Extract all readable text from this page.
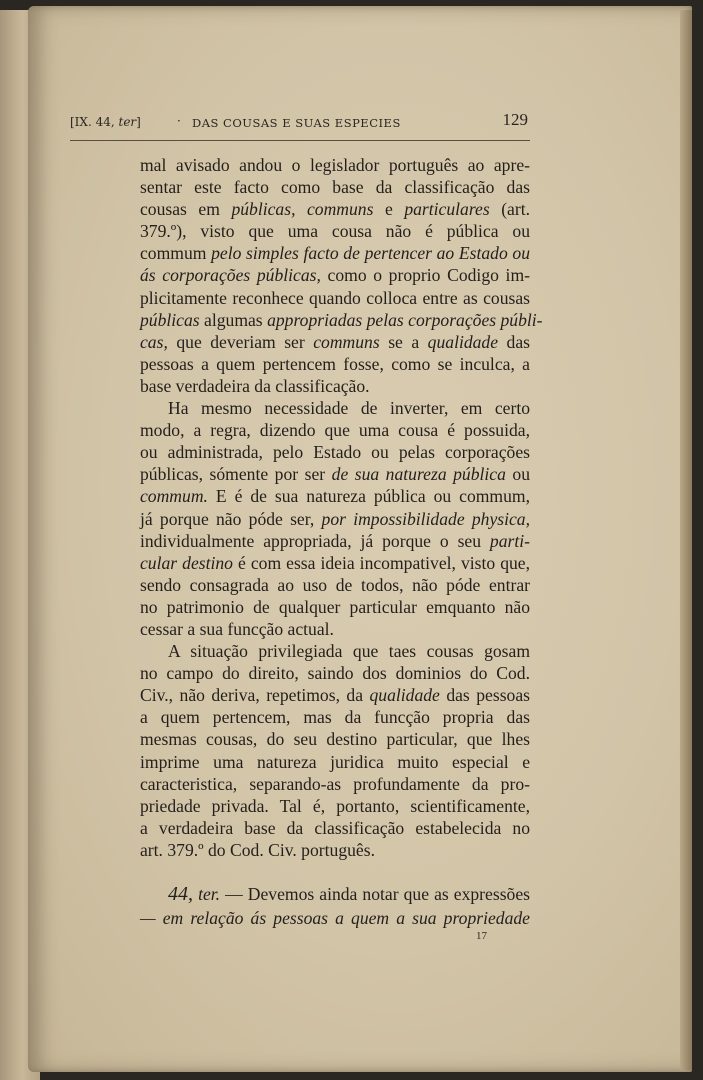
[IX. 44, ter]	· DAS COUSAS E SUAS ESPECIES	129
mal avisado andou o legislador português ao apre-
sentar este facto como base da classificação das
cousas em públicas, communs e particulares (art.
379.º), visto que uma cousa não é pública ou
commum pelo simples facto de pertencer ao Estado ou
ás corporações públicas, como o proprio Codigo im-
plicitamente reconhece quando colloca entre as cousas
públicas algumas appropriadas pelas corporações públi-
cas, que deveriam ser communs se a qualidade das
pessoas a quem pertencem fosse, como se inculca, a
base verdadeira da classificação.
Ha mesmo necessidade de inverter, em certo
modo, a regra, dizendo que uma cousa é possuida,
ou administrada, pelo Estado ou pelas corporações
públicas, sómente por ser de sua natureza pública ou
commum. E é de sua natureza pública ou commum,
já porque não póde ser, por impossibilidade physica,
individualmente appropriada, já porque o seu parti-
cular destino é com essa ideia incompativel, visto que,
sendo consagrada ao uso de todos, não póde entrar
no patrimonio de qualquer particular emquanto não
cessar a sua funcção actual.
A situação privilegiada que taes cousas gosam
no campo do direito, saindo dos dominios do Cod.
Civ., não deriva, repetimos, da qualidade das pessoas
a quem pertencem, mas da funcção propria das
mesmas cousas, do seu destino particular, que lhes
imprime uma natureza juridica muito especial e
caracteristica, separando-as profundamente da pro-
priedade privada. Tal é, portanto, scientificamente,
a verdadeira base da classificação estabelecida no
art. 379.º do Cod. Civ. português.
44, ter. — Devemos ainda notar que as expressões
— em relação ás pessoas a quem a sua propriedade
17
